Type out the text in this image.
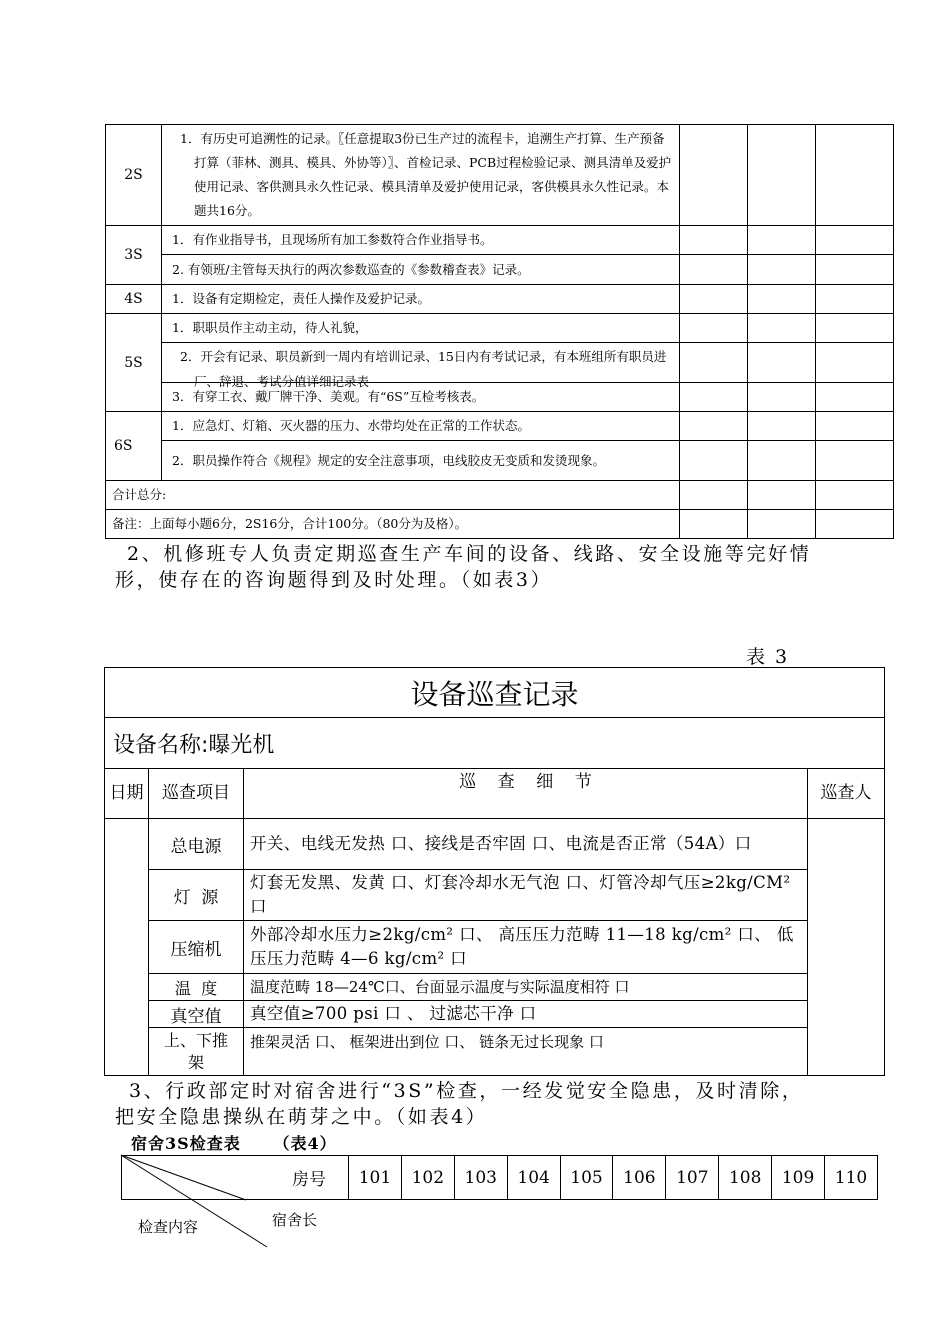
2S	1．有历史可追溯性的记录。〖任意提取3份已生产过的流程卡，追溯生产打算、生产预备打算（菲林、测具、模具、外协等）〗、首检记录、PCB过程检验记录、测具清单及爱护使用记录、客供测具永久性记录、模具清单及爱护使用记录，客供模具永久性记录。本题共16分。			

3S	1．有作业指导书，且现场所有加工参数符合作业指导书。			
	2. 有领班/主管每天执行的两次参数巡查的《参数稽查表》记录。			
4S	1．设备有定期检定，责任人操作及爱护记录。			
5S	1．职职员作主动主动，待人礼貌，			

	2．开会有记录、职员新到一周内有培训记录、15日内有考试记录，有本班组所有职员进厂、辞退、考试分值详细记录表			

	3．有穿工衣、戴厂牌干净、美观。有“6S”互检考核表。			
6S	1．应急灯、灯箱、灭火器的压力、水带均处在正常的工作状态。			
	2．职员操作符合《规程》规定的安全注意事项，电线胶皮无变质和发烫现象。			
合计总分:				
备注：上面每小题6分，2S16分，合计100分。（80分为及格）。				
2、机修班专人负责定期巡查生产车间的设备、线路、安全设施等完好情
形，使存在的咨询题得到及时处理。（如表3）
表 3
设备巡查记录			
设备名称:曝光机			
日期	巡查项目	巡    查    细    节	巡查人
	总电源	开关、电线无发热 口、接线是否牢固 口、电流是否正常（54A）口	
	灯  源	灯套无发黑、发黄 口、灯套冷却水无气泡 口、灯管冷却气压≥2kg/CM² 口	
	压缩机	外部冷却水压力≥2kg/cm² 口、 高压压力范畴 11—18 kg/cm² 口、 低压压力范畴 4—6 kg/cm² 口	
	温  度	温度范畴 18—24℃口、台面显示温度与实际温度相符 口	
	真空值	真空值≥700 psi 口 、 过滤芯干净 口	
	上、下推架	推架灵活 口、 框架进出到位 口、 链条无过长现象 口	
3、行政部定时对宿舍进行“3S”检查，一经发觉安全隐患，及时清除，
把安全隐患操纵在萌芽之中。（如表4）
宿舍3S检查表     （表4）
房号	101	102	103	104	105	106	107	108	109	110
宿舍长
检查内容
